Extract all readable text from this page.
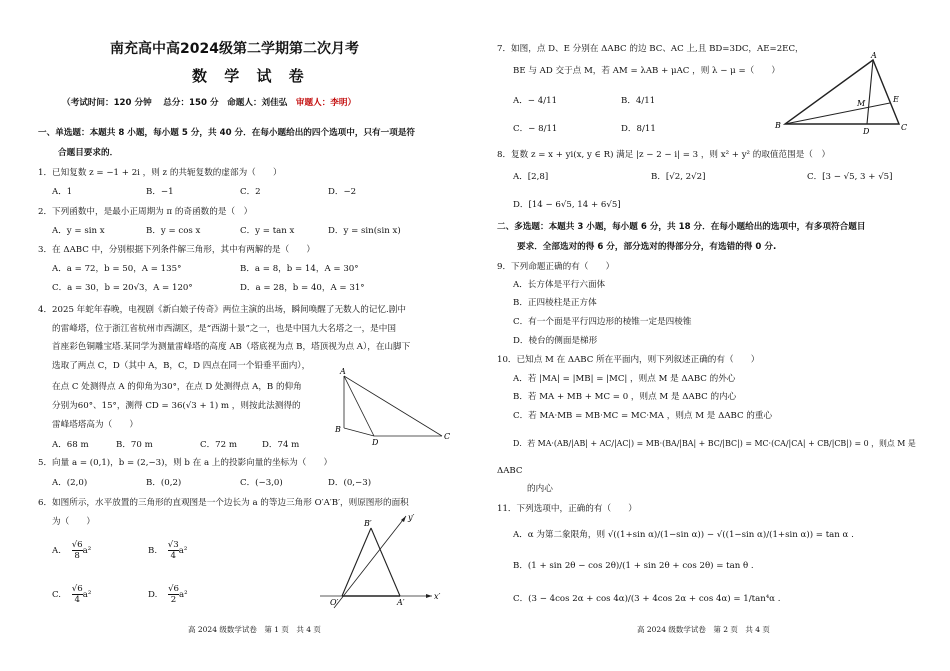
南充高中高2024级第二学期第二次月考
数 学 试 卷
（考试时间：120 分钟　 总分：150 分　命题人：刘佳弘　审题人：李明）
一、单选题：本题共 8 小题，每小题 5 分，共 40 分．在每小题给出的四个选项中，只有一项是符
合题目要求的．
1．已知复数 z = −1 + 2i ，则 z 的共轭复数的虚部为（　　）
A．1	B．−1	C．2	D．−2
2．下列函数中，是最小正周期为 π 的奇函数的是（　）
A．y = sin x	B．y = cos x	C．y = tan x	D．y = sin(sin x)
3．在 ΔABC 中，分别根据下列条件解三角形，其中有两解的是（　　）
A．a = 72，b = 50，A = 135°	B．a = 8，b = 14，A = 30°
C．a = 30，b = 20√3，A = 120°	D．a = 28，b = 40，A = 31°
4．2025 年蛇年春晚，电视剧《新白娘子传奇》两位主演的出场，瞬间唤醒了无数人的记忆.剧中
的雷峰塔，位于浙江省杭州市西湖区，是“西湖十景”之一，也是中国九大名塔之一，是中国
首座彩色铜雕宝塔.某同学为测量雷峰塔的高度 AB（塔底视为点 B，塔顶视为点 A），在山脚下
选取了两点 C，D（其中 A，B，C，D 四点在同一个铅垂平面内），
在点 C 处测得点 A 的仰角为30°，在点 D 处测得点 A，B 的仰角
分别为60°、15°，测得 CD = 36(√3 + 1) m ，则按此法测得的
雷峰塔塔高为（　　）
A．68 m	B．70 m	C．72 m	D．74 m
A
B
D
C
5．向量 a = (0,1)，b = (2,−3)，则 b 在 a 上的投影向量的坐标为（　　）
A．(2,0)	B．(0,2)	C．(−3,0)	D．(0,−3)
6．如图所示，水平放置的三角形的直观图是一个边长为 a 的等边三角形 O′A′B′，则原图形的面积
为（　　）
A. $\frac{√6}{8} a^2$	B. $\frac{√3}{4} a^2$
C. $\frac{√6}{4} a^2$	D. $\frac{√6}{2} a^2$
B′
y′
O′	A′
x′
高 2024 级数学试卷　第 1 页　共 4 页
7．如图，点 D、E 分别在 ΔABC 的边 BC、AC 上,且 BD=3DC，AE=2EC，
BE 与 AD 交于点 M，若 AM = λAB + μAC ，则 λ − μ =（　　）
A．− 4/11	B．4/11
C．− 8/11	D．8/11
A
M	E
B
D	C
8．复数 z = x + yi(x, y ∈ R) 满足 |z − 2 − i| = 3 ，则 x² + y² 的取值范围是（　）
A．[2,8]	B．[√2, 2√2]	C．[3 − √5, 3 + √5]
D．[14 − 6√5, 14 + 6√5]
二、多选题：本题共 3 小题，每小题 6 分，共 18 分．在每小题给出的选项中，有多项符合题目
要求．全部选对的得 6 分，部分选对的得部分分，有选错的得 0 分.
9．下列命题正确的有（　　）
A．长方体是平行六面体
B．正四棱柱是正方体
C．有一个面是平行四边形的棱锥一定是四棱锥
D．棱台的侧面是梯形
10．已知点 M 在 ΔABC 所在平面内，则下列叙述正确的有（　　）
A．若 |MA| = |MB| = |MC| ，则点 M 是 ΔABC 的外心
B．若 MA + MB + MC = 0 ，则点 M 是 ΔABC 的内心
C．若 MA·MB = MB·MC = MC·MA ，则点 M 是 ΔABC 的重心
D．若 MA·(AB/|AB| + AC/|AC|) = MB·(BA/|BA| + BC/|BC|) = MC·(CA/|CA| + CB/|CB|) = 0 ，则点 M 是
ΔABC
的内心
11．下列选项中，正确的有（　　）
A．α 为第二象限角，则 √((1+sin α)/(1−sin α)) − √((1−sin α)/(1+sin α)) = tan α .
B．(1 + sin 2θ − cos 2θ)/(1 + sin 2θ + cos 2θ) = tan θ .
C．(3 − 4cos 2α + cos 4α)/(3 + 4cos 2α + cos 4α) = 1/tan⁴α .
高 2024 级数学试卷　第 2 页　共 4 页
